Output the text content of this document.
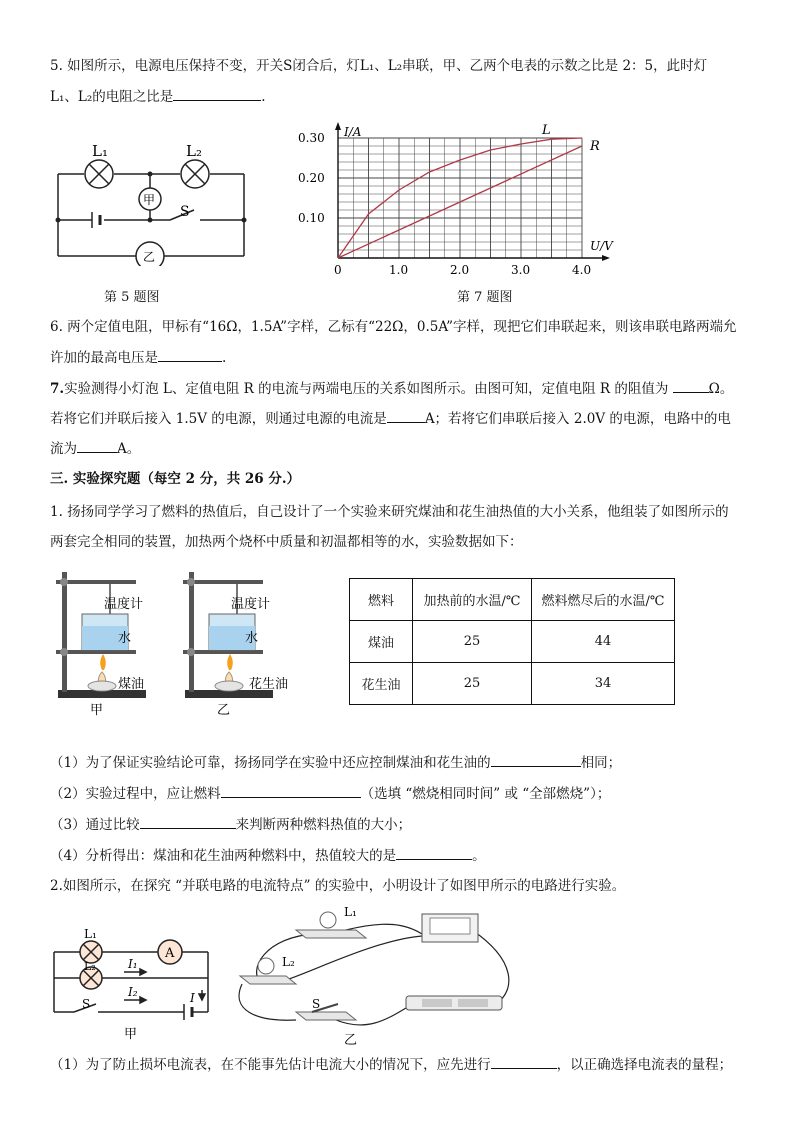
5. 如图所示，电源电压保持不变，开关S闭合后，灯L₁、L₂串联，甲、乙两个电表的示数之比是 2：5，此时灯
L₁、L₂的电阻之比是	.
L₁	L₂
甲
S
乙
L
R
0	1.0	2.0	3.0	4.0
0.10
0.20
0.30
U/V
I/A
第 5 题图	第 7 题图
6. 两个定值电阻，甲标有“16Ω，1.5A”字样，乙标有“22Ω，0.5A”字样，现把它们串联起来，则该串联电路两端允
许加的最高电压是	.
7.实验测得小灯泡 L、定值电阻 R 的电流与两端电压的关系如图所示。由图可知，定值电阻 R 的阻值为	Ω。
若将它们并联后接入 1.5V 的电源，则通过电源的电流是	A；若将它们串联后接入 2.0V 的电源，电路中的电
流为	A。
三. 实验探究题（每空 2 分，共 26 分.）
1. 扬扬同学学习了燃料的热值后，自己设计了一个实验来研究煤油和花生油热值的大小关系，他组装了如图所示的
两套完全相同的装置，加热两个烧杯中质量和初温都相等的水，实验数据如下：
温度计
水
煤油
温度计
水
花生油
甲	乙
燃料	加热前的水温/℃	燃料燃尽后的水温/℃
煤油	25	44
花生油	25	34
（1）为了保证实验结论可靠，扬扬同学在实验中还应控制煤油和花生油的	相同；
（2）实验过程中，应让燃料	（选填 “燃烧相同时间” 或 “全部燃烧”）；
（3）通过比较	来判断两种燃料热值的大小；
（4）分析得出：煤油和花生油两种燃料中，热值较大的是	。
2.如图所示，在探究 “并联电路的电流特点” 的实验中，小明设计了如图甲所示的电路进行实验。
L₁
L₂
A
I₁
I₂	I
S
甲
L₁
L₂
S
乙
（1）为了防止损坏电流表，在不能事先估计电流大小的情况下，应先进行	，以正确选择电流表的量程；
